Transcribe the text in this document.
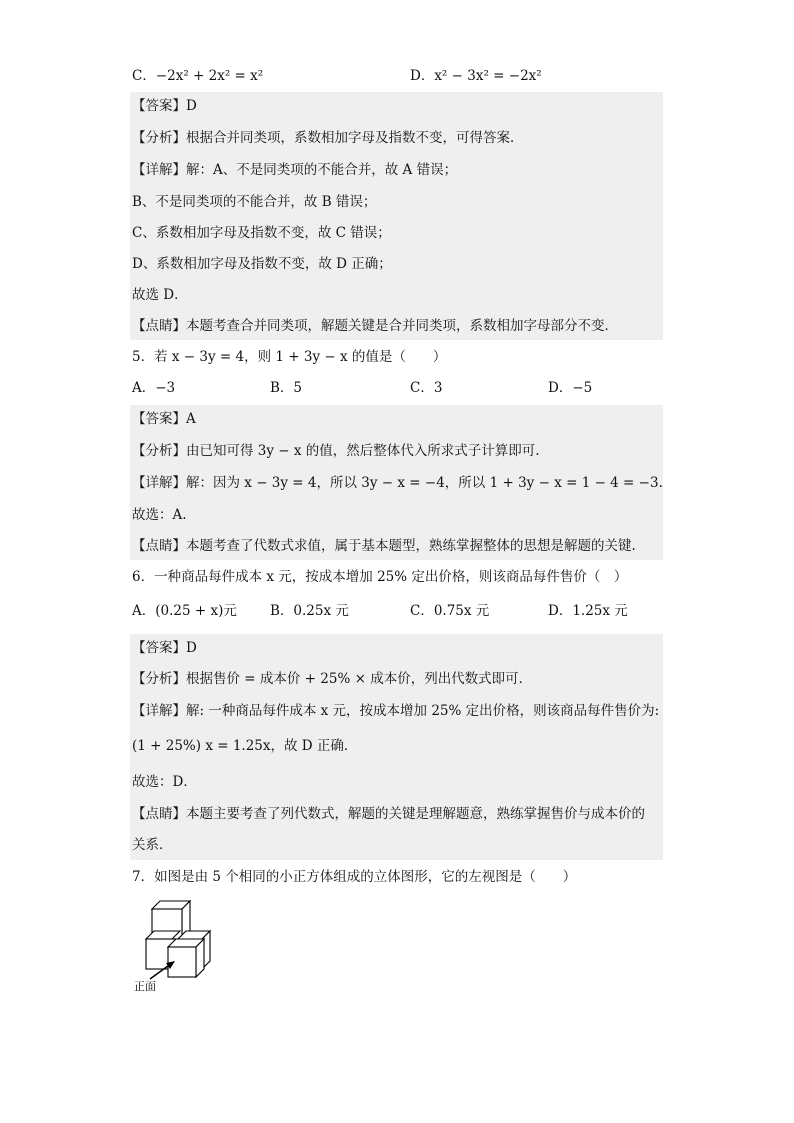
C．−2x² + 2x² = x²	D．x² − 3x² = −2x²
【答案】D
【分析】根据合并同类项，系数相加字母及指数不变，可得答案．
【详解】解：A、不是同类项的不能合并，故 A 错误；
B、不是同类项的不能合并，故 B 错误；
C、系数相加字母及指数不变，故 C 错误；
D、系数相加字母及指数不变，故 D 正确；
故选 D．
【点睛】本题考查合并同类项，解题关键是合并同类项，系数相加字母部分不变．
5．若 x − 3y = 4，则 1 + 3y − x 的值是（　　）
A．−3	B．5	C．3	D．−5
【答案】A
【分析】由已知可得 3y − x 的值，然后整体代入所求式子计算即可.
【详解】解：因为 x − 3y = 4，所以 3y − x = −4，所以 1 + 3y − x = 1 − 4 = −3.
故选：A.
【点睛】本题考查了代数式求值，属于基本题型，熟练掌握整体的思想是解题的关键.
6．一种商品每件成本 x 元，按成本增加 25% 定出价格，则该商品每件售价（　）
A．(0.25 + x)元 B．0.25x 元	C．0.75x 元	D．1.25x 元
【答案】D
【分析】根据售价 = 成本价 + 25% × 成本价，列出代数式即可．
【详解】解: 一种商品每件成本 x 元，按成本增加 25% 定出价格，则该商品每件售价为:
(1 + 25%) x = 1.25x，故 D 正确．
故选：D．
【点睛】本题主要考查了列代数式，解题的关键是理解题意，熟练掌握售价与成本价的
关系．
7．如图是由 5 个相同的小正方体组成的立体图形，它的左视图是（　　）
正面
